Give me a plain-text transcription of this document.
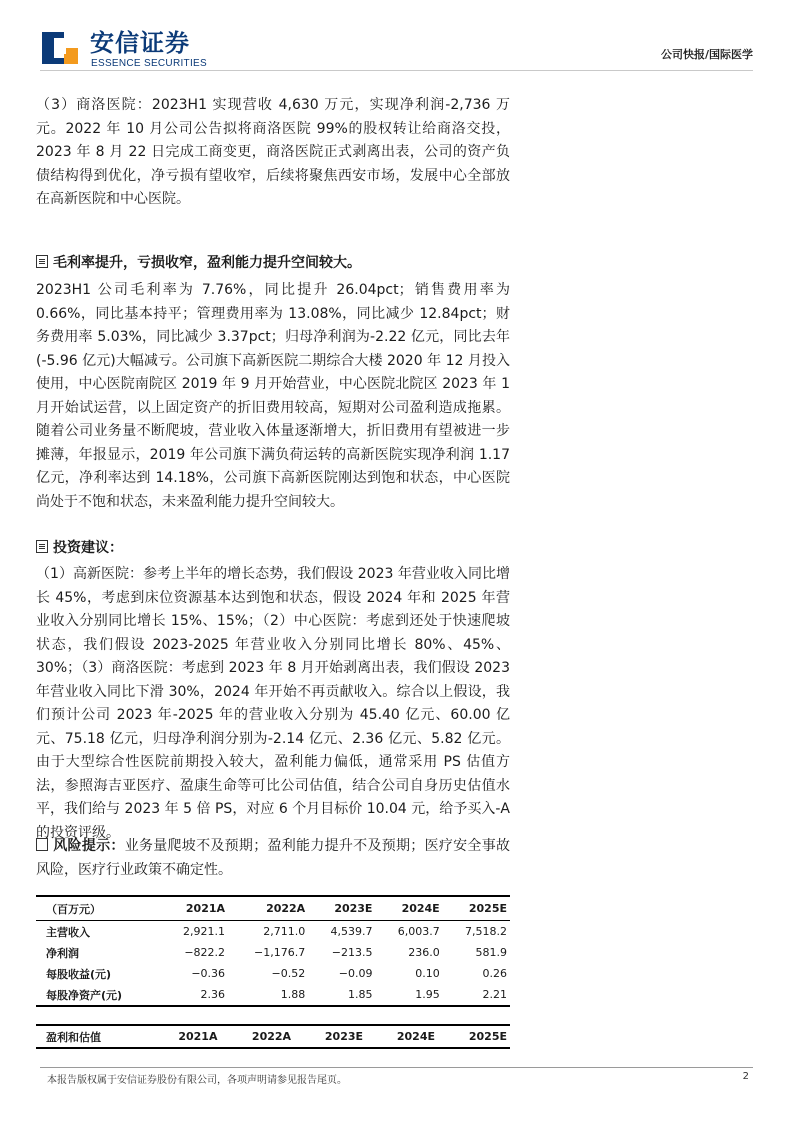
安信证券
ESSENCE SECURITIES
公司快报/国际医学

（3）商洛医院：2023H1 实现营收 4,630 万元，实现净利润-2,736 万元。2022 年 10 月公司公告拟将商洛医院 99%的股权转让给商洛交投，2023 年 8 月 22 日完成工商变更，商洛医院正式剥离出表，公司的资产负债结构得到优化，净亏损有望收窄，后续将聚焦西安市场，发展中心全部放在高新医院和中心医院。

毛利率提升，亏损收窄，盈利能力提升空间较大。

2023H1 公司毛利率为 7.76%，同比提升 26.04pct；销售费用率为 0.66%，同比基本持平；管理费用率为 13.08%，同比减少 12.84pct；财务费用率 5.03%，同比减少 3.37pct；归母净利润为-2.22 亿元，同比去年(-5.96 亿元)大幅减亏。公司旗下高新医院二期综合大楼 2020 年 12 月投入使用，中心医院南院区 2019 年 9 月开始营业，中心医院北院区 2023 年 1 月开始试运营，以上固定资产的折旧费用较高，短期对公司盈利造成拖累。随着公司业务量不断爬坡，营业收入体量逐渐增大，折旧费用有望被进一步摊薄，年报显示，2019 年公司旗下满负荷运转的高新医院实现净利润 1.17 亿元，净利率达到 14.18%，公司旗下高新医院刚达到饱和状态，中心医院尚处于不饱和状态，未来盈利能力提升空间较大。

投资建议：

（1）高新医院：参考上半年的增长态势，我们假设 2023 年营业收入同比增长 45%，考虑到床位资源基本达到饱和状态，假设 2024 年和 2025 年营业收入分别同比增长 15%、15%；（2）中心医院：考虑到还处于快速爬坡状态，我们假设 2023-2025 年营业收入分别同比增长 80%、45%、30%；（3）商洛医院：考虑到 2023 年 8 月开始剥离出表，我们假设 2023 年营业收入同比下滑 30%，2024 年开始不再贡献收入。综合以上假设，我们预计公司 2023 年-2025 年的营业收入分别为 45.40 亿元、60.00 亿元、75.18 亿元，归母净利润分别为-2.14 亿元、2.36 亿元、5.82 亿元。由于大型综合性医院前期投入较大，盈利能力偏低，通常采用 PS 估值方法，参照海吉亚医疗、盈康生命等可比公司估值，结合公司自身历史估值水平，我们给与 2023 年 5 倍 PS，对应 6 个月目标价 10.04 元，给予买入-A 的投资评级。

风险提示：业务量爬坡不及预期；盈利能力提升不及预期；医疗安全事故风险，医疗行业政策不确定性。

（百万元）	2021A	2022A	2023E	2024E	2025E
主营收入	2,921.1	2,711.0	4,539.7	6,003.7	7,518.2
净利润	−822.2	−1,176.7	−213.5	236.0	581.9
每股收益(元)	−0.36	−0.52	−0.09	0.10	0.26
每股净资产(元)	2.36	1.88	1.85	1.95	2.21
盈利和估值	2021A	2022A	2023E	2024E	2025E
本报告版权属于安信证券股份有限公司，各项声明请参见报告尾页。	2
